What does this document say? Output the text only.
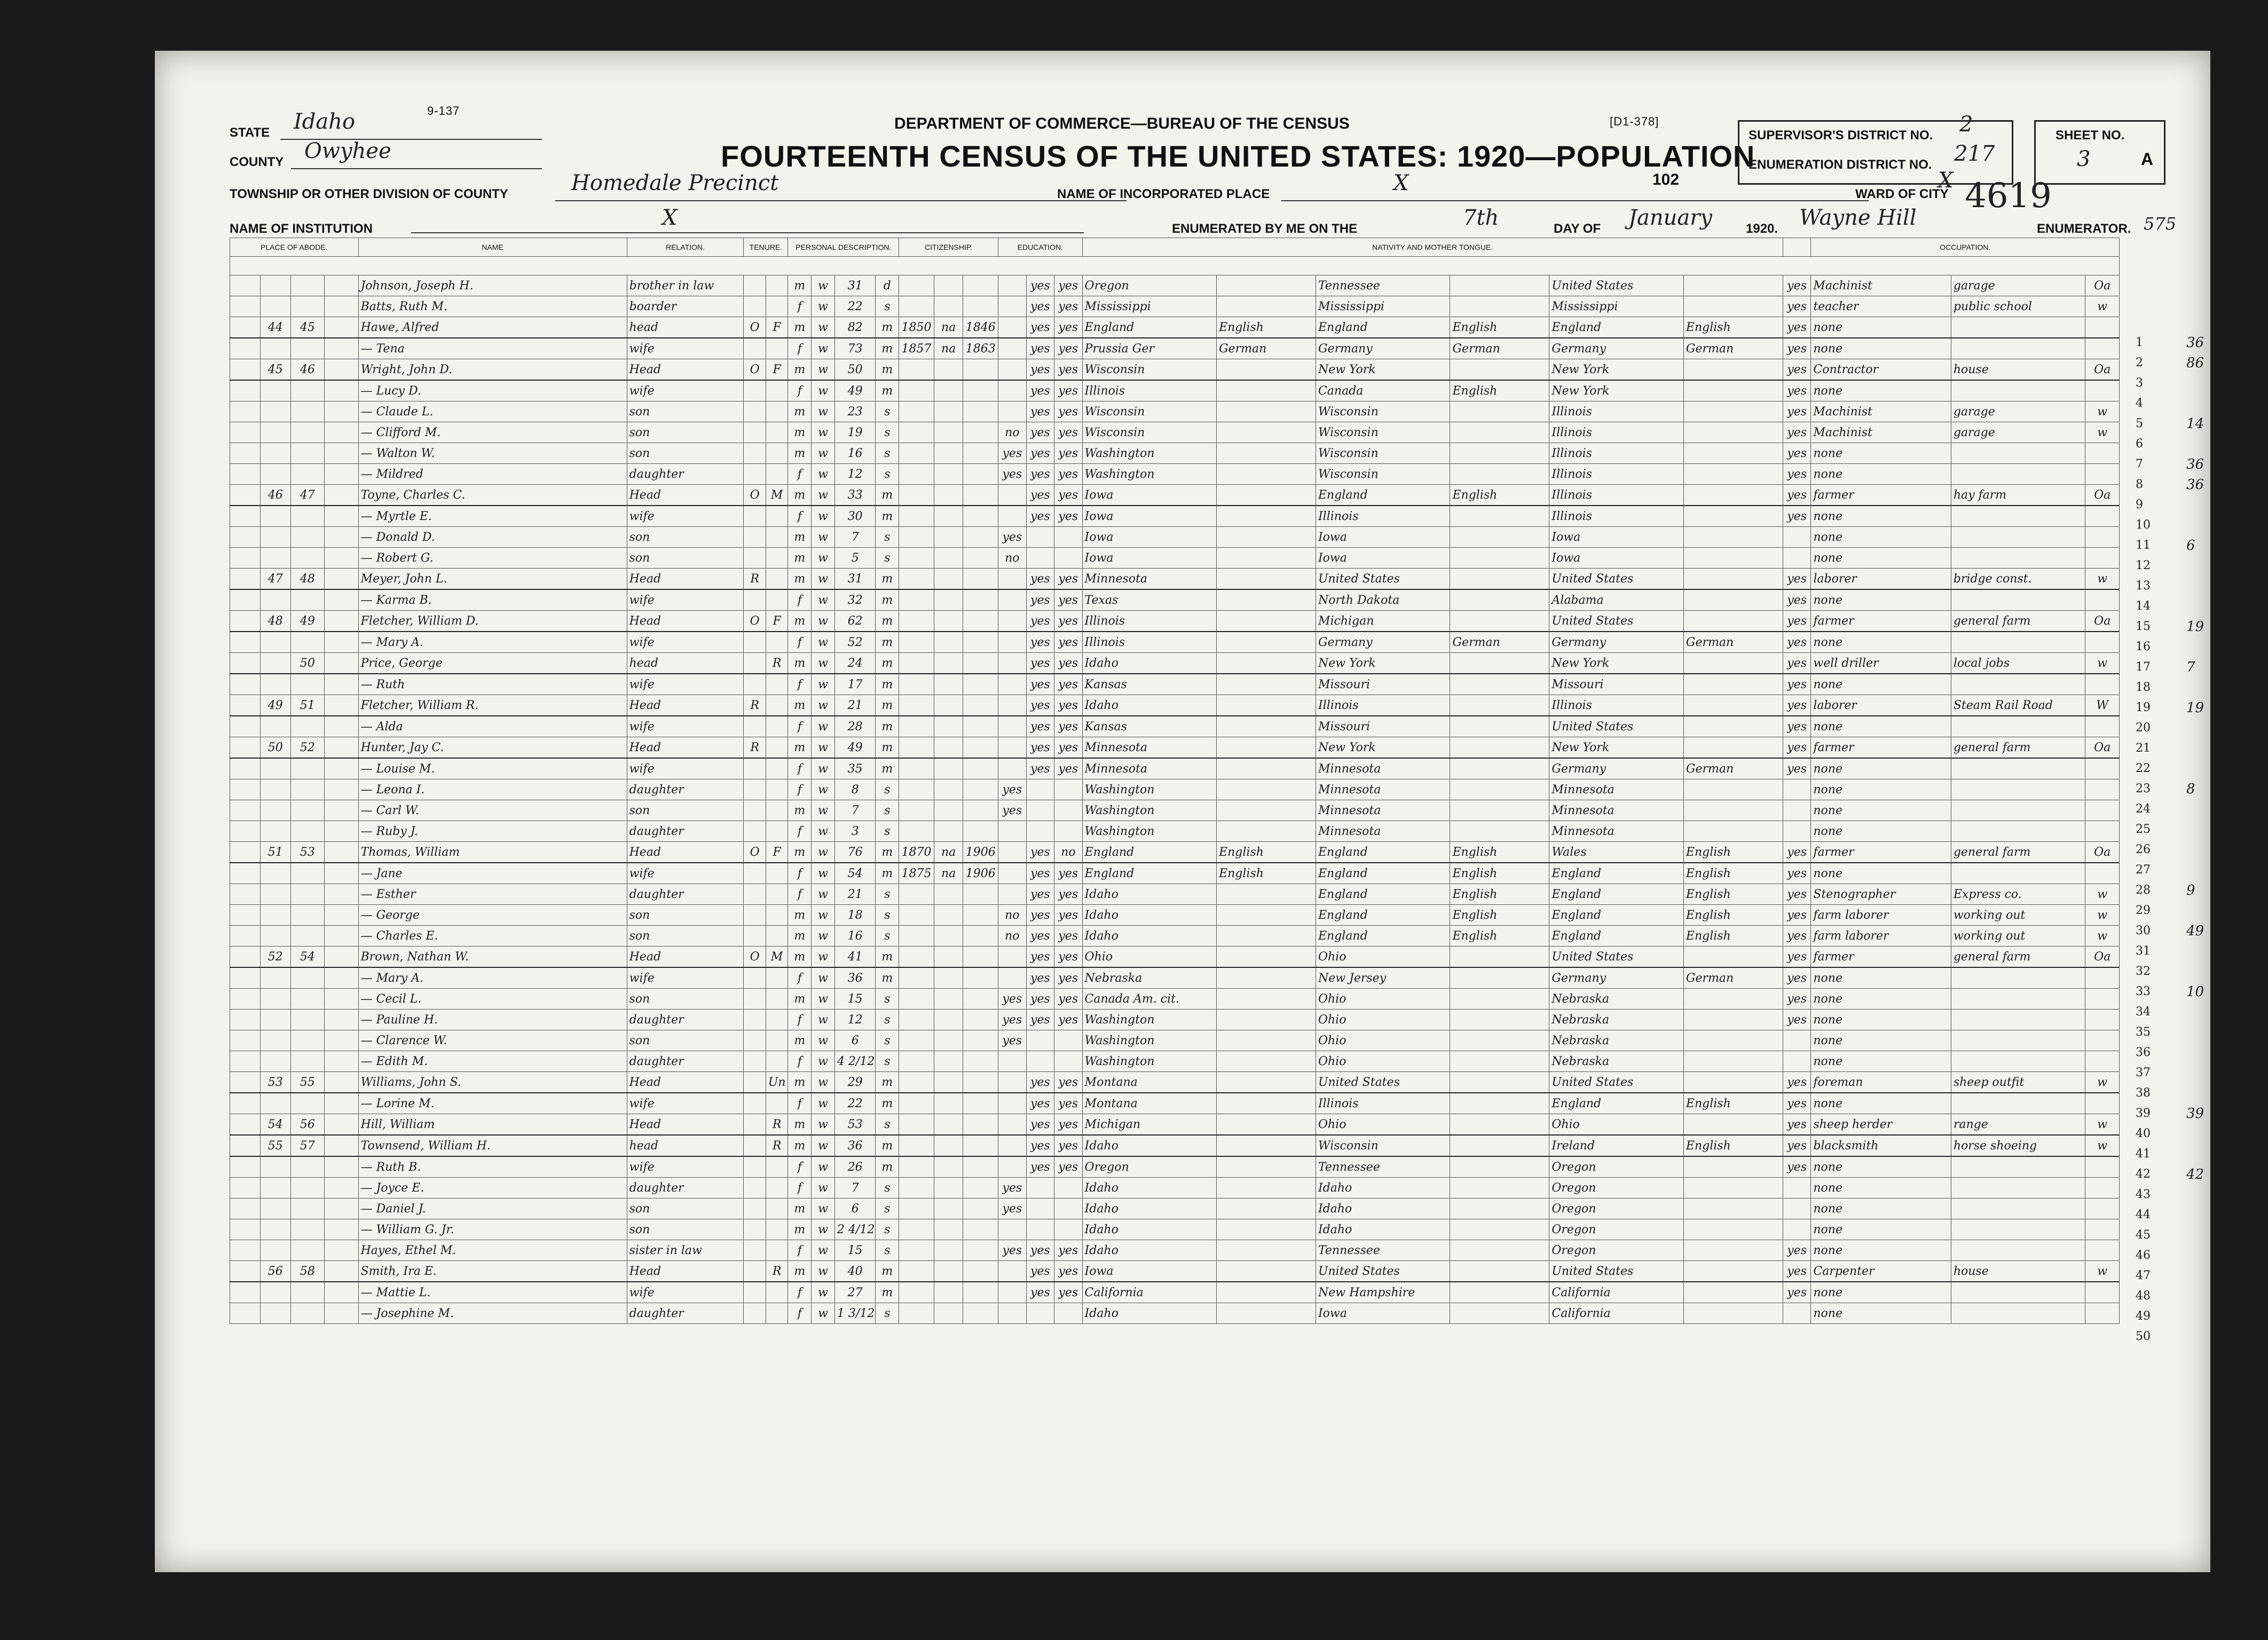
STATE Idaho
COUNTY Owyhee
9-137
DEPARTMENT OF COMMERCE—BUREAU OF THE CENSUS	[D1-378]
FOURTEENTH CENSUS OF THE UNITED STATES: 1920—POPULATION
SUPERVISOR'S DISTRICT NO. 2
ENUMERATION DISTRICT NO. 217
SHEET NO.
3	A
TOWNSHIP OR OTHER DIVISION OF COUNTY	Homedale Precinct	NAME OF INCORPORATED PLACE	X	102
WARD OF CITY
X 4619
NAME OF INSTITUTION	X	ENUMERATED BY ME ON THE	7th	DAY OF January	1920. Wayne Hill	ENUMERATOR. 575
PLACE OF ABODE.				NAME	RELATION.	TENURE.		PERSONAL DESCRIPTION.				CITIZENSHIP.			EDUCATION.			NATIVITY AND MOTHER TONGUE.							OCCUPATION.		

				Johnson, Joseph H.	brother in law			m	w	31	d					yes	yes	Oregon		Tennessee		United States		yes	Machinist	garage	Oa
				Batts, Ruth M.	boarder			f	w	22	s					yes	yes	Mississippi		Mississippi		Mississippi		yes	teacher	public school	w
	44	45		Hawe, Alfred	head	O	F	m	w	82	m	1850	na	1846		yes	yes	England	English	England	English	England	English	yes	none		
				— Tena	wife			f	w	73	m	1857	na	1863		yes	yes	Prussia Ger	German	Germany	German	Germany	German	yes	none		
	45	46		Wright, John D.	Head	O	F	m	w	50	m					yes	yes	Wisconsin		New York		New York		yes	Contractor	house	Oa
				— Lucy D.	wife			f	w	49	m					yes	yes	Illinois		Canada	English	New York		yes	none		
				— Claude L.	son			m	w	23	s					yes	yes	Wisconsin		Wisconsin		Illinois		yes	Machinist	garage	w
				— Clifford M.	son			m	w	19	s				no	yes	yes	Wisconsin		Wisconsin		Illinois		yes	Machinist	garage	w
				— Walton W.	son			m	w	16	s				yes	yes	yes	Washington		Wisconsin		Illinois		yes	none		
				— Mildred	daughter			f	w	12	s				yes	yes	yes	Washington		Wisconsin		Illinois		yes	none		
	46	47		Toyne, Charles C.	Head	O	M	m	w	33	m					yes	yes	Iowa		England	English	Illinois		yes	farmer	hay farm	Oa
				— Myrtle E.	wife			f	w	30	m					yes	yes	Iowa		Illinois		Illinois		yes	none		
				— Donald D.	son			m	w	7	s				yes			Iowa		Iowa		Iowa			none		
				— Robert G.	son			m	w	5	s				no			Iowa		Iowa		Iowa			none		
	47	48		Meyer, John L.	Head	R		m	w	31	m					yes	yes	Minnesota		United States		United States		yes	laborer	bridge const.	w
				— Karma B.	wife			f	w	32	m					yes	yes	Texas		North Dakota		Alabama		yes	none		
	48	49		Fletcher, William D.	Head	O	F	m	w	62	m					yes	yes	Illinois		Michigan		United States		yes	farmer	general farm	Oa
				— Mary A.	wife			f	w	52	m					yes	yes	Illinois		Germany	German	Germany	German	yes	none		
		50		Price, George	head		R	m	w	24	m					yes	yes	Idaho		New York		New York		yes	well driller	local jobs	w
				— Ruth	wife			f	w	17	m					yes	yes	Kansas		Missouri		Missouri		yes	none		
	49	51		Fletcher, William R.	Head	R		m	w	21	m					yes	yes	Idaho		Illinois		Illinois		yes	laborer	Steam Rail Road	W
				— Alda	wife			f	w	28	m					yes	yes	Kansas		Missouri		United States		yes	none		
	50	52		Hunter, Jay C.	Head	R		m	w	49	m					yes	yes	Minnesota		New York		New York		yes	farmer	general farm	Oa
				— Louise M.	wife			f	w	35	m					yes	yes	Minnesota		Minnesota		Germany	German	yes	none		
				— Leona I.	daughter			f	w	8	s				yes			Washington		Minnesota		Minnesota			none		
				— Carl W.	son			m	w	7	s				yes			Washington		Minnesota		Minnesota			none		
				— Ruby J.	daughter			f	w	3	s							Washington		Minnesota		Minnesota			none		
	51	53		Thomas, William	Head	O	F	m	w	76	m	1870	na	1906		yes	no	England	English	England	English	Wales	English	yes	farmer	general farm	Oa
				— Jane	wife			f	w	54	m	1875	na	1906		yes	yes	England	English	England	English	England	English	yes	none		
				— Esther	daughter			f	w	21	s					yes	yes	Idaho		England	English	England	English	yes	Stenographer	Express co.	w
				— George	son			m	w	18	s				no	yes	yes	Idaho		England	English	England	English	yes	farm laborer	working out	w
				— Charles E.	son			m	w	16	s				no	yes	yes	Idaho		England	English	England	English	yes	farm laborer	working out	w
	52	54		Brown, Nathan W.	Head	O	M	m	w	41	m					yes	yes	Ohio		Ohio		United States		yes	farmer	general farm	Oa
				— Mary A.	wife			f	w	36	m					yes	yes	Nebraska		New Jersey		Germany	German	yes	none		
				— Cecil L.	son			m	w	15	s				yes	yes	yes	Canada Am. cit.		Ohio		Nebraska		yes	none		
				— Pauline H.	daughter			f	w	12	s				yes	yes	yes	Washington		Ohio		Nebraska		yes	none		
				— Clarence W.	son			m	w	6	s				yes			Washington		Ohio		Nebraska			none		
				— Edith M.	daughter			f	w	4 2/12	s							Washington		Ohio		Nebraska			none		
	53	55		Williams, John S.	Head		Un	m	w	29	m					yes	yes	Montana		United States		United States		yes	foreman	sheep outfit	w
				— Lorine M.	wife			f	w	22	m					yes	yes	Montana		Illinois		England	English	yes	none		
	54	56		Hill, William	Head		R	m	w	53	s					yes	yes	Michigan		Ohio		Ohio		yes	sheep herder	range	w
	55	57		Townsend, William H.	head		R	m	w	36	m					yes	yes	Idaho		Wisconsin		Ireland	English	yes	blacksmith	horse shoeing	w
				— Ruth B.	wife			f	w	26	m					yes	yes	Oregon		Tennessee		Oregon		yes	none		
				— Joyce E.	daughter			f	w	7	s				yes			Idaho		Idaho		Oregon			none		
				— Daniel J.	son			m	w	6	s				yes			Idaho		Idaho		Oregon			none		
				— William G. Jr.	son			m	w	2 4/12	s							Idaho		Idaho		Oregon			none		
				Hayes, Ethel M.	sister in law			f	w	15	s				yes	yes	yes	Idaho		Tennessee		Oregon		yes	none		
	56	58		Smith, Ira E.	Head		R	m	w	40	m					yes	yes	Iowa		United States		United States		yes	Carpenter	house	w
				— Mattie L.	wife			f	w	27	m					yes	yes	California		New Hampshire		California		yes	none		
				— Josephine M.	daughter			f	w	1 3/12	s							Idaho		Iowa		California			none		
1	36
2	86
3
4
5	14
6
7	36
8	36
9
10
11	6
12
13
14
15	19
16
17	7
18
19	19
20
21
22
23	8
24
25
26
27
28	9
29
30	49
31
32
33	10
34
35
36
37
38
39	39
40
41
42	42
43
44
45
46
47
48
49
50
